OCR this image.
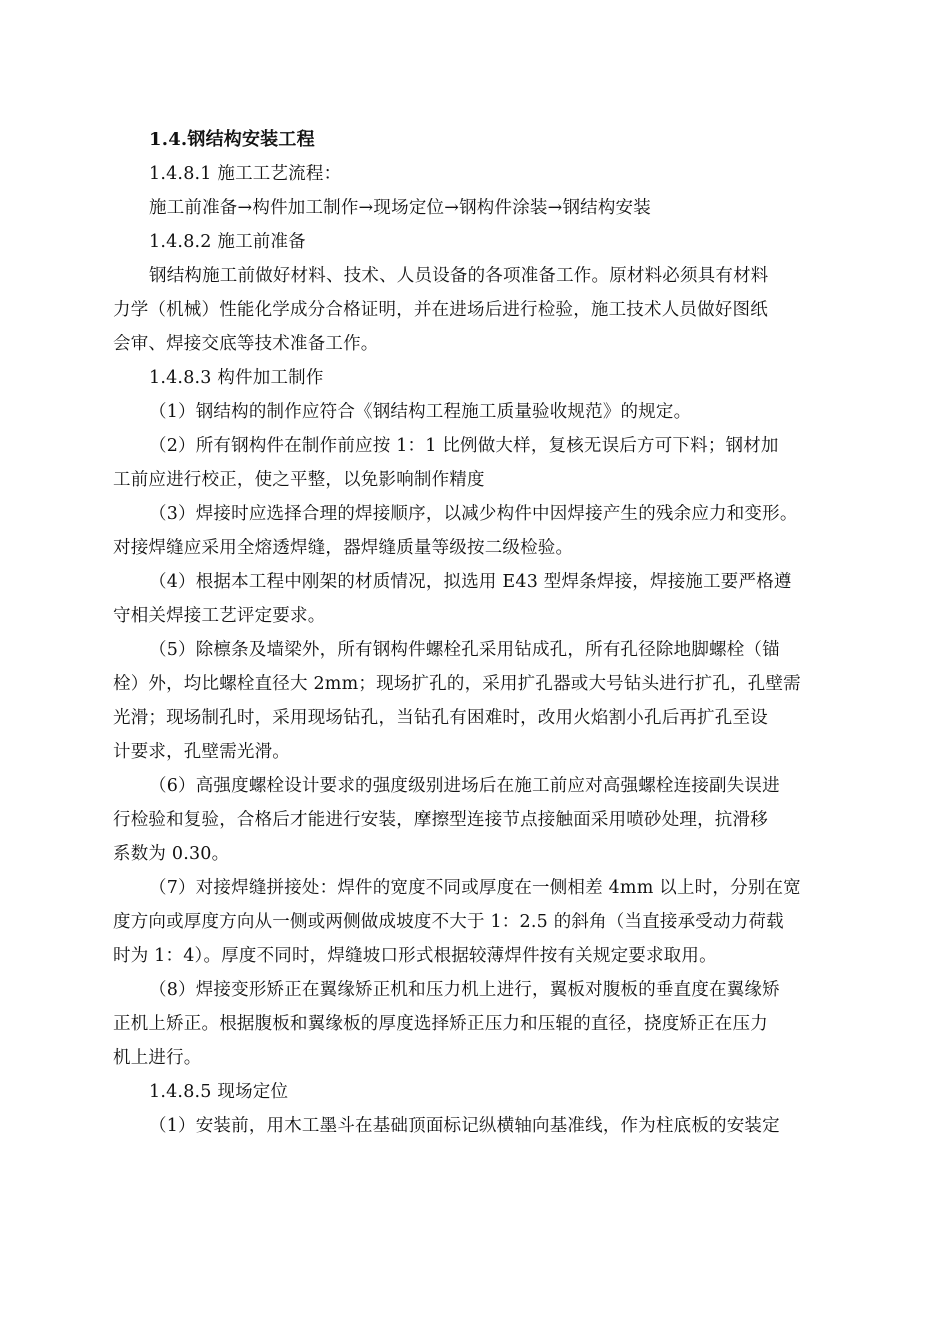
1.4.钢结构安装工程
1.4.8.1 施工工艺流程：
施工前准备→构件加工制作→现场定位→钢构件涂装→钢结构安装
1.4.8.2 施工前准备
钢结构施工前做好材料、技术、人员设备的各项准备工作。原材料必须具有材料
力学（机械）性能化学成分合格证明，并在进场后进行检验，施工技术人员做好图纸
会审、焊接交底等技术准备工作。
1.4.8.3 构件加工制作
（1）钢结构的制作应符合《钢结构工程施工质量验收规范》的规定。
（2）所有钢构件在制作前应按 1：1 比例做大样，复核无误后方可下料；钢材加
工前应进行校正，使之平整，以免影响制作精度
（3）焊接时应选择合理的焊接顺序，以减少构件中因焊接产生的残余应力和变形。
对接焊缝应采用全熔透焊缝，器焊缝质量等级按二级检验。
（4）根据本工程中刚架的材质情况，拟选用 E43 型焊条焊接，焊接施工要严格遵
守相关焊接工艺评定要求。
（5）除檩条及墙梁外，所有钢构件螺栓孔采用钻成孔，所有孔径除地脚螺栓（锚
栓）外，均比螺栓直径大 2mm；现场扩孔的，采用扩孔器或大号钻头进行扩孔，孔壁需
光滑；现场制孔时，采用现场钻孔，当钻孔有困难时，改用火焰割小孔后再扩孔至设
计要求，孔壁需光滑。
（6）高强度螺栓设计要求的强度级别进场后在施工前应对高强螺栓连接副失误进
行检验和复验，合格后才能进行安装，摩擦型连接节点接触面采用喷砂处理，抗滑移
系数为 0.30。
（7）对接焊缝拼接处：焊件的宽度不同或厚度在一侧相差 4mm 以上时，分别在宽
度方向或厚度方向从一侧或两侧做成坡度不大于 1：2.5 的斜角（当直接承受动力荷载
时为 1：4）。厚度不同时，焊缝坡口形式根据较薄焊件按有关规定要求取用。
（8）焊接变形矫正在翼缘矫正机和压力机上进行，翼板对腹板的垂直度在翼缘矫
正机上矫正。根据腹板和翼缘板的厚度选择矫正压力和压辊的直径，挠度矫正在压力
机上进行。
1.4.8.5 现场定位
（1）安装前，用木工墨斗在基础顶面标记纵横轴向基准线，作为柱底板的安装定
